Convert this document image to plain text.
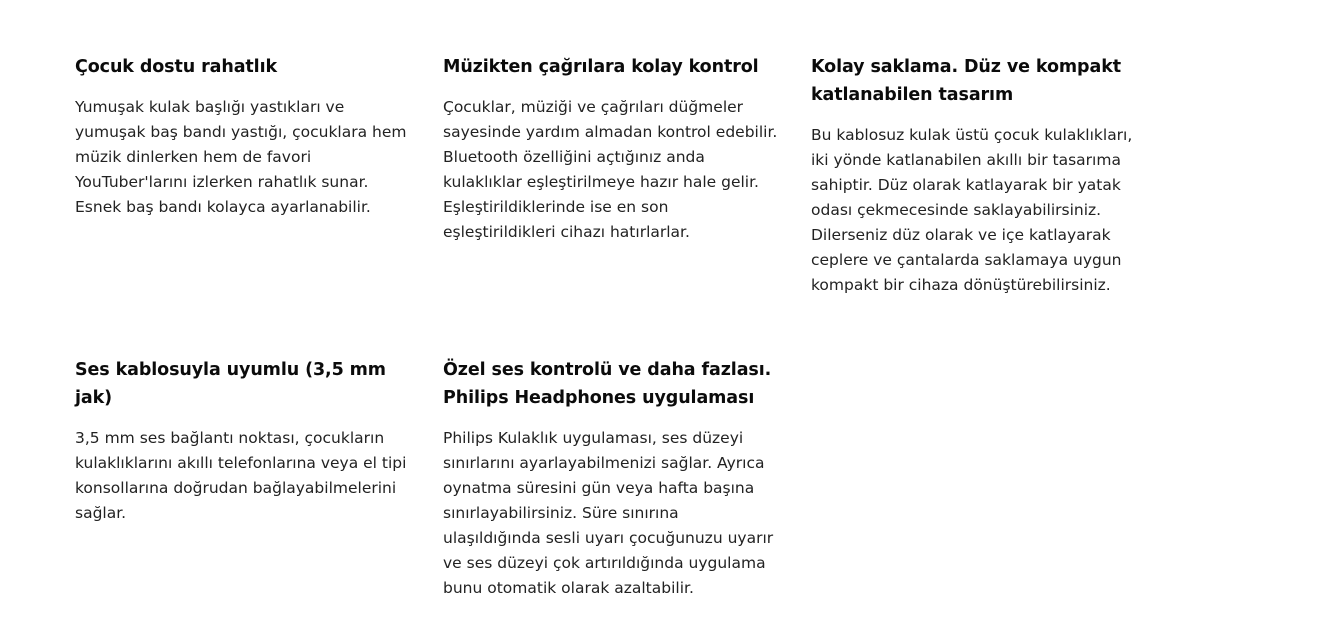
Çocuk dostu rahatlık

Yumuşak kulak başlığı yastıkları ve yumuşak baş bandı yastığı, çocuklara hem müzik dinlerken hem de favori YouTuber'larını izlerken rahatlık sunar. Esnek baş bandı kolayca ayarlanabilir.

Müzikten çağrılara kolay kontrol

Çocuklar, müziği ve çağrıları düğmeler sayesinde yardım almadan kontrol edebilir. Bluetooth özelliğini açtığınız anda kulaklıklar eşleştirilmeye hazır hale gelir. Eşleştirildiklerinde ise en son eşleştirildikleri cihazı hatırlarlar.

Kolay saklama. Düz ve kompakt katlanabilen tasarım

Bu kablosuz kulak üstü çocuk kulaklıkları, iki yönde katlanabilen akıllı bir tasarıma sahiptir. Düz olarak katlayarak bir yatak odası çekmecesinde saklayabilirsiniz. Dilerseniz düz olarak ve içe katlayarak ceplere ve çantalarda saklamaya uygun kompakt bir cihaza dönüştürebilirsiniz.

Ses kablosuyla uyumlu (3,5 mm jak)

3,5 mm ses bağlantı noktası, çocukların kulaklıklarını akıllı telefonlarına veya el tipi konsollarına doğrudan bağlayabilmelerini sağlar.

Özel ses kontrolü ve daha fazlası. Philips Headphones uygulaması

Philips Kulaklık uygulaması, ses düzeyi sınırlarını ayarlayabilmenizi sağlar. Ayrıca oynatma süresini gün veya hafta başına sınırlayabilirsiniz. Süre sınırına ulaşıldığında sesli uyarı çocuğunuzu uyarır ve ses düzeyi çok artırıldığında uygulama bunu otomatik olarak azaltabilir.
